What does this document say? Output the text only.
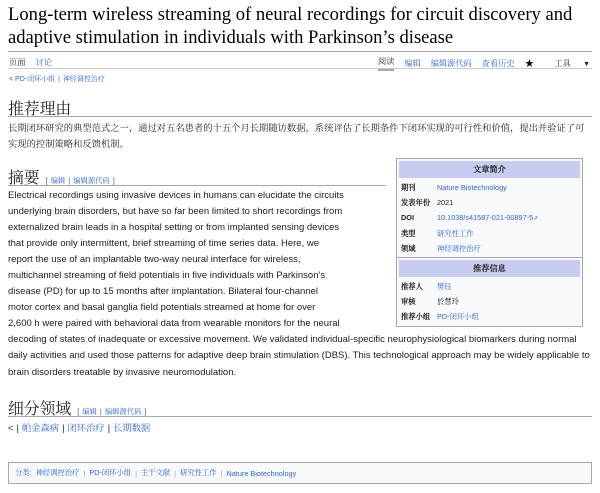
Long-term wireless streaming of neural recordings for circuit discovery and adaptive stimulation in individuals with Parkinson’s disease
页面 讨论	阅读 编辑 编辑源代码 查看历史 ★	工具 ▼
< PD-闭环小组 | 神经调控治疗
推荐理由
长期闭环研究的典型范式之一，通过对五名患者的十五个月长期随访数据，系统评估了长期条件下闭环实现的可行性和价值，提出并验证了可实现的控制策略和反馈机制。
摘要 [ 编辑 | 编辑源代码 ]
Electrical recordings using invasive devices in humans can elucidate the circuits
underlying brain disorders, but have so far been limited to short recordings from
externalized brain leads in a hospital setting or from implanted sensing devices
that provide only intermittent, brief streaming of time series data. Here, we
report the use of an implantable two-way neural interface for wireless,
multichannel streaming of field potentials in five individuals with Parkinson’s
disease (PD) for up to 15 months after implantation. Bilateral four-channel
motor cortex and basal ganglia field potentials streamed at home for over
2,600 h were paired with behavioral data from wearable monitors for the neural
decoding of states of inadequate or excessive movement. We validated individual-specific neurophysiological biomarkers during normal daily activities and used those patterns for adaptive deep brain stimulation (DBS). This technological approach may be widely applicable to brain disorders treatable by invasive neuromodulation.
文章简介
期刊	Nature Biotechnology
发表年份 2021
DOI	10.1038/s41587-021-00897-5↗
类型	研究性工作
领域	神经调控治疗
推荐信息
推荐人	樊钰
审核	於慧玲
推荐小组 PD-闭环小组
细分领域 [ 编辑 | 编辑源代码 ]
< | 帕金森病 | 闭环治疗 | 长期数据
分类: 神经调控治疗 | PD-闭环小组 | 主干文献 | 研究性工作 | Nature Biotechnology
